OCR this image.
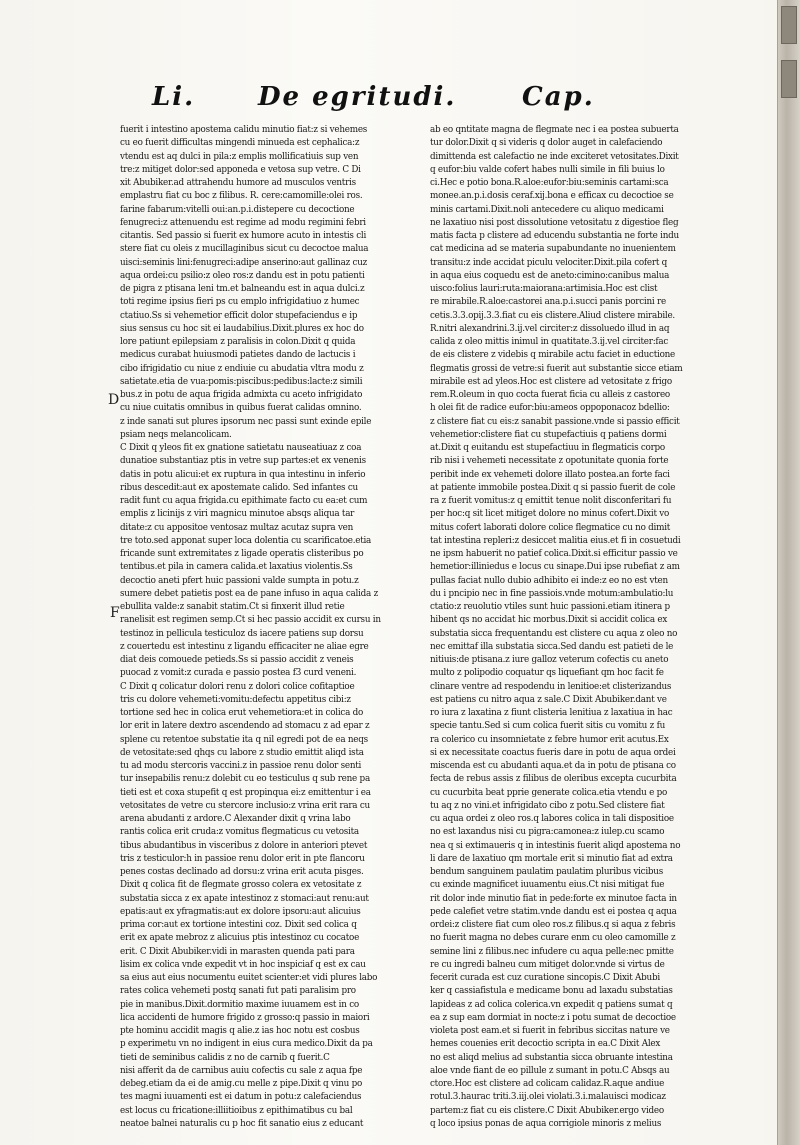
Li. De egritudi.	Cap.
D
F
fuerit i intestino apostema calidu minutio fiat:z si vehemes
cu eo fuerit difficultas mingendi minueda est cephalica:z
vtendu est aq dulci in pila:z emplis mollificatiuis sup ven
tre:z mitiget dolor:sed apponeda e vetosa sup vetre. C Di
xit Abubiker.ad attrahendu humore ad musculos ventris
emplastru fiat cu boc z filibus. R. cere:camomille:olei ros.
farine fabarum:vitelli oui:an.p.i.distepere cu decoctione
fenugreci:z attenuendu est regime ad modu regimini febri
citantis. Sed passio si fuerit ex humore acuto in intestis cli
stere fiat cu oleis z mucillaginibus sicut cu decoctoe malua
uisci:seminis lini:fenugreci:adipe anserino:aut gallinaz cuz
aqua ordei:cu psilio:z oleo ros:z dandu est in potu patienti
de pigra z ptisana leni tm.et balneandu est in aqua dulci.z
toti regime ipsius fieri ps cu emplo infrigidatiuo z humec
ctatiuo.Ss si vehemetior efficit dolor stupefaciendus e ip
sius sensus cu hoc sit ei laudabilius.Dixit.plures ex hoc do
lore patiunt epilepsiam z paralisis in colon.Dixit q quida
medicus curabat huiusmodi patietes dando de lactucis i
cibo ifrigidatio cu niue z endiuie cu abudatia vltra modu z
satietate.etia de vua:pomis:piscibus:pedibus:lacte:z simili
bus.z in potu de aqua frigida admixta cu aceto infrigidato
cu niue cuitatis omnibus in quibus fuerat calidas omnino.
z inde sanati sut plures ipsorum nec passi sunt exinde epile
psiam neqs melancolicam.
C Dixit q yleos fit ex gnatione satietatu nauseatiuaz z coa
dunatioe substantiaz ptis in vetre sup partes:et ex venenis
datis in potu alicui:et ex ruptura in qua intestinu in inferio
ribus descedit:aut ex apostemate calido. Sed infantes cu
radit funt cu aqua frigida.cu epithimate facto cu ea:et cum
emplis z licinijs z viri magnicu minutoe absqs aliqua tar
ditate:z cu appositoe ventosaz multaz acutaz supra ven
tre toto.sed apponat super loca dolentia cu scarificatoe.etia
fricande sunt extremitates z ligade operatis clisteribus po
tentibus.et pila in camera calida.et laxatius violentis.Ss
decoctio aneti pfert huic passioni valde sumpta in potu.z
sumere debet patietis post ea de pane infuso in aqua calida z
ebullita valde:z sanabit statim.Ct si finxerit illud retie
ranelisit est regimen semp.Ct si hec passio accidit ex cursu in
testinoz in pellicula testiculoz ds iacere patiens sup dorsu
z couertedu est intestinu z ligandu efficaciter ne aliae egre
diat deis comouede petieds.Ss si passio accidit z veneis
puocad z vomit:z curada e passio postea f3 curd veneni.
C Dixit q colicatur dolori renu z dolori colice cofitaptioe
tris cu dolore vehemeti:vomitu:defectu appetitus cibi:z
tortione sed hec in colica erut vehemetiora:et in colica do
lor erit in latere dextro ascendendo ad stomacu z ad epar z
splene cu retentoe substatie ita q nil egredi pot de ea neqs
de vetositate:sed qhqs cu labore z studio emittit aliqd ista
tu ad modu stercoris vaccini.z in passioe renu dolor senti
tur insepabilis renu:z dolebit cu eo testiculus q sub rene pa
tieti est et coxa stupefit q est propinqua ei:z emittentur i ea
vetositates de vetre cu stercore inclusio:z vrina erit rara cu
arena abudanti z ardore.C Alexander dixit q vrina labo
rantis colica erit cruda:z vomitus flegmaticus cu vetosita
tibus abudantibus in visceribus z dolore in anteriori ptevet
tris z testiculor:h in passioe renu dolor erit in pte flancoru
penes costas declinado ad dorsu:z vrina erit acuta pisges.
Dixit q colica fit de flegmate grosso colera ex vetositate z
substatia sicca z ex apate intestinoz z stomaci:aut renu:aut
epatis:aut ex yfragmatis:aut ex dolore ipsoru:aut alicuius
prima cor:aut ex tortione intestini coz. Dixit sed colica q
erit ex apate mebroz z alicuius ptis intestinoz cu cocatoe
erit. C Dixit Abubiker.vidi in marasten quenda pati para
lisim ex colica vnde expedit vt in hoc inspiciaf q est ex cau
sa eius aut eius nocumentu euitet scienter:et vidi plures labo
rates colica vehemeti postq sanati fut pati paralisim pro
pie in manibus.Dixit.dormitio maxime iuuamem est in co
lica accidenti de humore frigido z grosso:q passio in maiori
pte hominu accidit magis q alie.z ias hoc notu est cosbus
p experimetu vn no indigent in eius cura medico.Dixit da pa
tieti de seminibus calidis z no de carnib q fuerit.C
nisi afferit da de carnibus auiu cofectis cu sale z aqua fpe
debeg.etiam da ei de amig.cu melle z pipe.Dixit q vinu po
tes magni iuuamenti est ei datum in potu:z calefaciendus
est locus cu fricatione:illiitioibus z epithimatibus cu bal
neatoe balnei naturalis cu p hoc fit sanatio eius z educant
ab eo qntitate magna de flegmate nec i ea postea subuerta
tur dolor.Dixit q si videris q dolor auget in calefaciendo
dimittenda est calefactio ne inde exciteret vetositates.Dixit
q eufor:biu valde cofert habes nulli simile in fili buius lo
ci.Hec e potio bona.R.aloe:eufor:biu:seminis cartami:sca
monee.an.p.i.dosis ceraf.xij.bona e efficax cu decoctioe se
minis cartami.Dixit.noli antecedere cu aliquo medicami
ne laxatiuo nisi post dissolutione vetositatu z digestioe fleg
matis facta p clistere ad educendu substantia ne forte indu
cat medicina ad se materia supabundante no inuenientem
transitu:z inde accidat piculu velociter.Dixit.pila cofert q
in aqua eius coquedu est de aneto:cimino:canibus malua
uisco:folius lauri:ruta:maiorana:artimisia.Hoc est clist
re mirabile.R.aloe:castorei ana.p.i.succi panis porcini re
cetis.3.3.opij.3.3.fiat cu eis clistere.Aliud clistere mirabile.
R.nitri alexandrini.3.ij.vel circiter:z dissoluedo illud in aq
calida z oleo mittis inimul in quatitate.3.ij.vel circiter:fac
de eis clistere z videbis q mirabile actu faciet in eductione
flegmatis grossi de vetre:si fuerit aut substantie sicce etiam
mirabile est ad yleos.Hoc est clistere ad vetositate z frigo
rem.R.oleum in quo cocta fuerat ficia cu alleis z castoreo
h olei fit de radice eufor:biu:ameos oppoponacoz bdellio:
z clistere fiat cu eis:z sanabit passione.vnde si passio efficit
vehemetior:clistere fiat cu stupefactiuis q patiens dormi
at.Dixit q euitandu est stupefactiuu in flegmaticis corpo
rib nisi i vehemeti necessitate z opotunitate quonia forte
peribit inde ex vehemeti dolore illato postea.an forte faci
at patiente immobile postea.Dixit q si passio fuerit de cole
ra z fuerit vomitus:z q emittit tenue nolit disconferitari fu
per hoc:q sit licet mitiget dolore no minus cofert.Dixit vo
mitus cofert laborati dolore colice flegmatice cu no dimit
tat intestina repleri:z desiccet malitia eius.et fi in cosuetudi
ne ipsm habuerit no patief colica.Dixit.si efficitur passio ve
hemetior:illiniedus e locus cu sinape.Dui ipse rubefiat z am
pullas faciat nullo dubio adhibito ei inde:z eo no est vten
du i pncipio nec in fine passiois.vnde motum:ambulatio:lu
ctatio:z reuolutio vtiles sunt huic passioni.etiam itinera p
hibent qs no accidat hic morbus.Dixit si accidit colica ex
substatia sicca frequentandu est clistere cu aqua z oleo no
nec emittaf illa substatia sicca.Sed dandu est patieti de le
nitiuis:de ptisana.z iure galloz veterum cofectis cu aneto
multo z polipodio coquatur qs liquefiant qm hoc facit fe
clinare ventre ad respodendu in lenitioe:et clisterizandus
est patiens cu nitro aqua z sale.C Dixit Abubiker.dant ve
ro iura z laxatina z fiunt clisteria lenitiua z laxatiua in hac
specie tantu.Sed si cum colica fuerit sitis cu vomitu z fu
ra colerico cu insomnietate z febre humor erit acutus.Ex
si ex necessitate coactus fueris dare in potu de aqua ordei
miscenda est cu abudanti aqua.et da in potu de ptisana co
fecta de rebus assis z filibus de oleribus excepta cucurbita
cu cucurbita beat pprie generate colica.etia vtendu e po
tu aq z no vini.et infrigidato cibo z potu.Sed clistere fiat
cu aqua ordei z oleo ros.q labores colica in tali dispositioe
no est laxandus nisi cu pigra:camonea:z iulep.cu scamo
nea q si extimaueris q in intestinis fuerit aliqd apostema no
li dare de laxatiuo qm mortale erit si minutio fiat ad extra
bendum sanguinem paulatim paulatim pluribus vicibus
cu exinde magnificet iuuamentu eius.Ct nisi mitigat fue
rit dolor inde minutio fiat in pede:forte ex minutoe facta in
pede calefiet vetre statim.vnde dandu est ei postea q aqua
ordei:z clistere fiat cum oleo ros.z filibus.q si aqua z febris
no fuerit magna no debes curare enm cu oleo camomille z
semine lini z filibus.nec infudere cu aqua pelle:nec pmitte
re cu ingredi balneu cum mitiget dolor.vnde si virtus de
fecerit curada est cuz curatione sincopis.C Dixit Abubi
ker q cassiafistula e medicame bonu ad laxadu substatias
lapideas z ad colica colerica.vn expedit q patiens sumat q
ea z sup eam dormiat in nocte:z i potu sumat de decoctioe
violeta post eam.et si fuerit in febribus siccitas nature ve
hemes couenies erit decoctio scripta in ea.C Dixit Alex
no est aliqd melius ad substantia sicca obruante intestina
aloe vnde fiant de eo pillule z sumant in potu.C Absqs au
ctore.Hoc est clistere ad colicam calidaz.R.aque andiue
rotul.3.haurac triti.3.iij.olei violati.3.i.malauisci modicaz
partem:z fiat cu eis clistere.C Dixit Abubiker.ergo video
q loco ipsius ponas de aqua corrigiole minoris z melius
